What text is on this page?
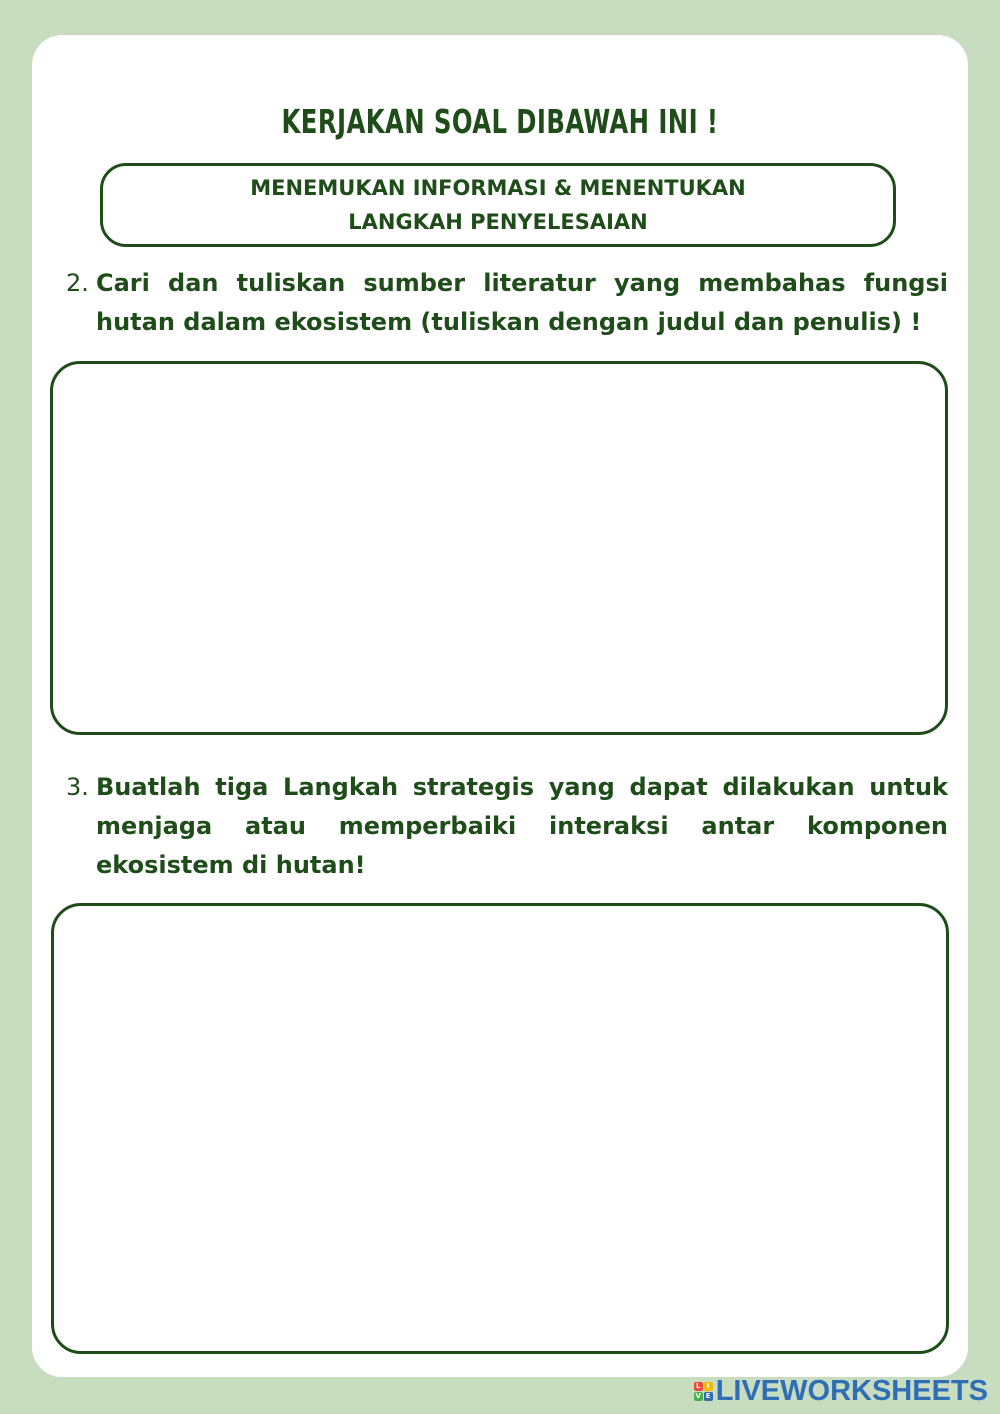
KERJAKAN SOAL DIBAWAH INI !
MENEMUKAN INFORMASI & MENENTUKAN
LANGKAH PENYELESAIAN
2. Cari dan tuliskan sumber literatur yang membahas fungsi hutan dalam ekosistem (tuliskan dengan judul dan penulis) !
3. Buatlah tiga Langkah strategis yang dapat dilakukan untuk menjaga atau memperbaiki interaksi antar komponen ekosistem di hutan!
L I
V E LIVEWORKSHEETS
